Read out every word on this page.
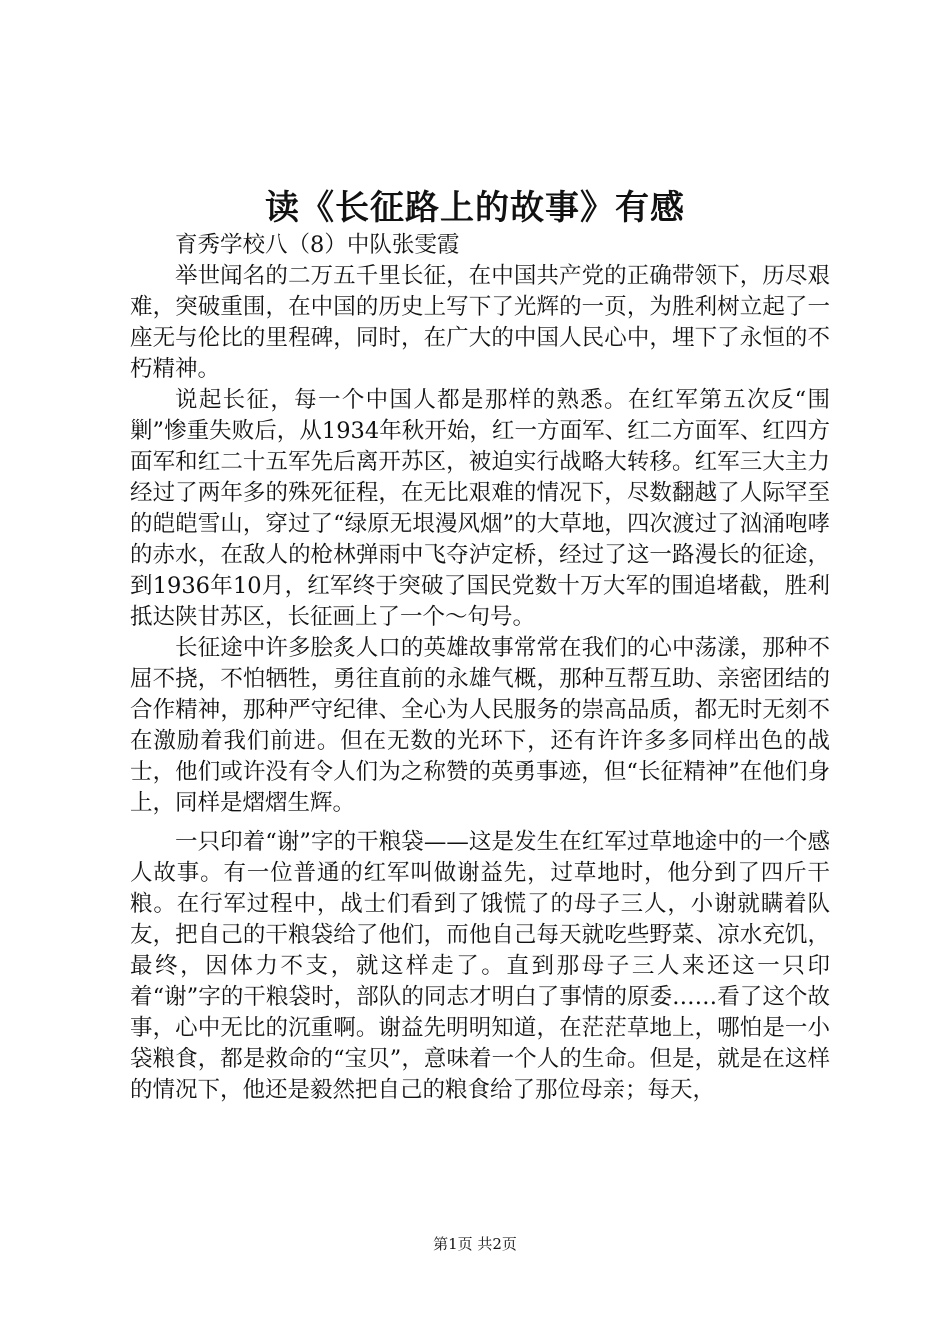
读《长征路上的故事》有感

育秀学校八（8）中队张雯霞

举世闻名的二万五千里长征，在中国共产党的正确带领下，历尽艰难，突破重围，在中国的历史上写下了光辉的一页，为胜利树立起了一座无与伦比的里程碑，同时，在广大的中国人民心中，埋下了永恒的不朽精神。

说起长征，每一个中国人都是那样的熟悉。在红军第五次反“围剿”惨重失败后，从1934年秋开始，红一方面军、红二方面军、红四方面军和红二十五军先后离开苏区，被迫实行战略大转移。红军三大主力经过了两年多的殊死征程，在无比艰难的情况下，尽数翻越了人际罕至的皑皑雪山，穿过了“绿原无垠漫风烟”的大草地，四次渡过了汹涌咆哮的赤水，在敌人的枪林弹雨中飞夺泸定桥，经过了这一路漫长的征途，到1936年10月，红军终于突破了国民党数十万大军的围追堵截，胜利抵达陕甘苏区，长征画上了一个～句号。

长征途中许多脍炙人口的英雄故事常常在我们的心中荡漾，那种不屈不挠，不怕牺牲，勇往直前的永雄气概，那种互帮互助、亲密团结的合作精神，那种严守纪律、全心为人民服务的崇高品质，都无时无刻不在激励着我们前进。但在无数的光环下，还有许许多多同样出色的战士，他们或许没有令人们为之称赞的英勇事迹，但“长征精神”在他们身上，同样是熠熠生辉。

一只印着“谢”字的干粮袋——这是发生在红军过草地途中的一个感人故事。有一位普通的红军叫做谢益先，过草地时，他分到了四斤干粮。在行军过程中，战士们看到了饿慌了的母子三人，小谢就瞒着队友，把自己的干粮袋给了他们，而他自己每天就吃些野菜、凉水充饥，最终，因体力不支，就这样走了。直到那母子三人来还这一只印着“谢”字的干粮袋时，部队的同志才明白了事情的原委……看了这个故事，心中无比的沉重啊。谢益先明明知道，在茫茫草地上，哪怕是一小袋粮食，都是救命的“宝贝”，意味着一个人的生命。但是，就是在这样的情况下，他还是毅然把自己的粮食给了那位母亲；每天，

第1页 共2页
